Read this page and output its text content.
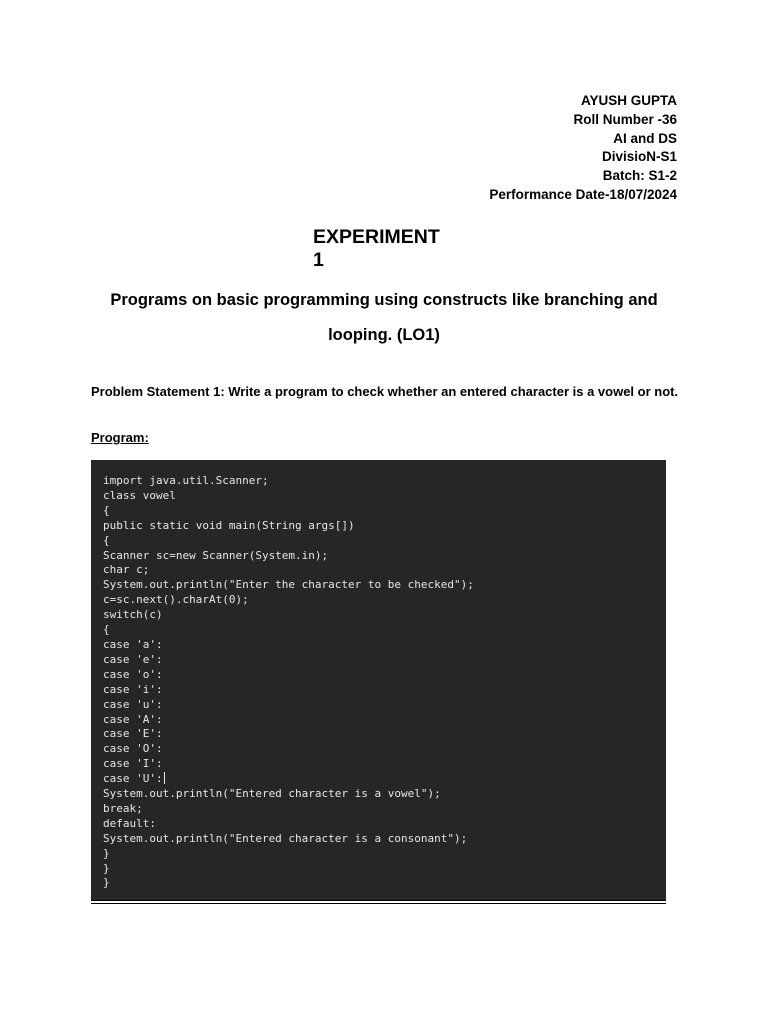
AYUSH GUPTA
Roll Number -36
AI and DS
DivisioN-S1
Batch: S1-2
Performance Date-18/07/2024
EXPERIMENT 1
Programs on basic programming using constructs like branching and looping. (LO1)
Problem Statement 1: Write a program to check whether an entered character is a vowel or not.
Program:
import java.util.Scanner;
class vowel
{
public static void main(String args[])
{
Scanner sc=new Scanner(System.in);
char c;
System.out.println("Enter the character to be checked");
c=sc.next().charAt(0);
switch(c)
{
case 'a':
case 'e':
case 'o':
case 'i':
case 'u':
case 'A':
case 'E':
case 'O':
case 'I':
case 'U':
System.out.println("Entered character is a vowel");
break;
default:
System.out.println("Entered character is a consonant");
}
}
}
